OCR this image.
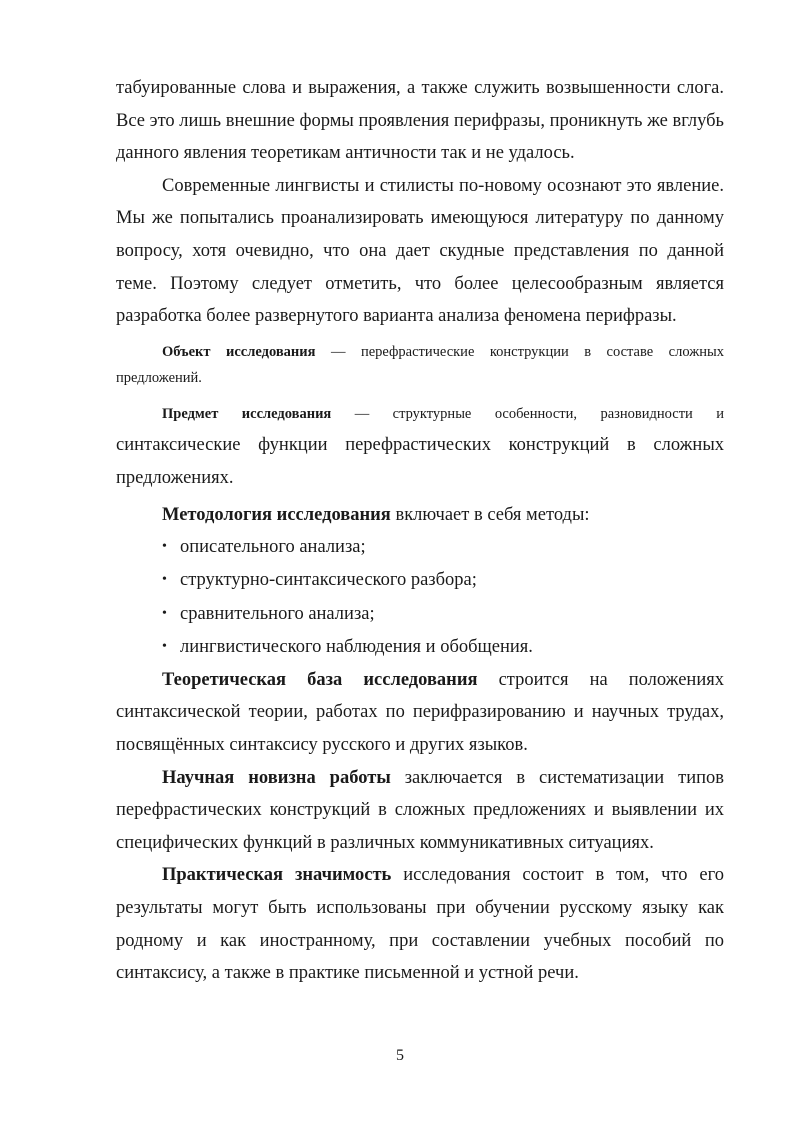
табуированные слова и выражения, а также служить возвышенности слога. Все это лишь внешние формы проявления перифразы, проникнуть же вглубь данного явления теоретикам античности так и не удалось.

Современные лингвисты и стилисты по-новому осознают это явление. Мы же попытались проанализировать имеющуюся литературу по данному вопросу, хотя очевидно, что она дает скудные представления по данной теме. Поэтому следует отметить, что более целесообразным является разработка более развернутого варианта анализа феномена перифразы.

Объект исследования — перефрастические конструкции в составе сложных предложений.

Предмет исследования — структурные особенности, разновидности и синтаксические функции перефрастических конструкций в сложных предложениях.

Методология исследования включает в себя методы:

• описательного анализа;
• структурно-синтаксического разбора;
• сравнительного анализа;
• лингвистического наблюдения и обобщения.

Теоретическая база исследования строится на положениях синтаксической теории, работах по перифразированию и научных трудах, посвящённых синтаксису русского и других языков.

Научная новизна работы заключается в систематизации типов перефрастических конструкций в сложных предложениях и выявлении их специфических функций в различных коммуникативных ситуациях.

Практическая значимость исследования состоит в том, что его результаты могут быть использованы при обучении русскому языку как родному и как иностранному, при составлении учебных пособий по синтаксису, а также в практике письменной и устной речи.

5
